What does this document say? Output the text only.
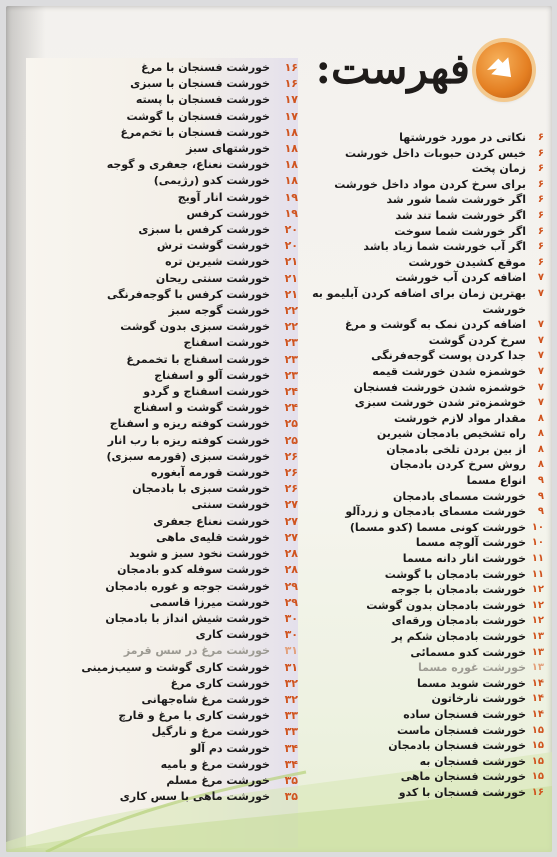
فهرست:
۱۶
خورشت فسنجان با مرغ
۱۶
خورشت فسنجان با سبزی
۱۷
خورشت فسنجان با پسته
۱۷
خورشت فسنجان با گوشت
۱۸
خورشت فسنجان با تخم‌مرغ
۱۸
خورشتهای سبز
۱۸
خورشت نعناع، جعفری و گوجه
۱۸
خورشت کدو (رژیمی)
۱۹
خورشت انار آویج
۱۹
خورشت کرفس
۲۰
خورشت کرفس با سبزی
۲۰
خورشت گوشت ترش
۲۱
خورشت شیرین تره
۲۱
خورشت سنتی ریحان
۲۱
خورشت کرفس با گوجه‌فرنگی
۲۲
خورشت گوجه سبز
۲۲
خورشت سبزی بدون گوشت
۲۳
خورشت اسفناج
۲۳
خورشت اسفناج با تخممرغ
۲۳
خورشت آلو و اسفناج
۲۴
خورشت اسفناج و گردو
۲۴
خورشت گوشت و اسفناج
۲۵
خورشت کوفته ریزه و اسفناج
۲۵
خورشت کوفته ریزه با رب انار
۲۶
خورشت سبزی (قورمه سبزی)
۲۶
خورشت قورمه آبغوره
۲۶
خورشت سبزی با بادمجان
۲۷
خورشت سنتی
۲۷
خورشت نعناع جعفری
۲۷
خورشت قلیه‌ی ماهی
۲۸
خورشت نخود سبز و شوید
۲۸
خورشت سوفله کدو بادمجان
۲۹
خورشت جوجه و غوره بادمجان
۲۹
خورشت میرزا قاسمی
۳۰
خورشت شیش انداز با بادمجان
۳۰
خورشت کاری
۳۱
خورشت مرغ در سس قرمز
۳۱
خورشت کاری گوشت و سیب‌زمینی
۳۲
خورشت کاری مرغ
۳۲
خورشت مرغ شاه‌جهانی
۳۳
خورشت کاری با مرغ و قارچ
۳۳
خورشت مرغ و نارگیل
۳۴
خورشت دم آلو
۳۴
خورشت مرغ و بامیه
۳۵
خورشت مرغ مسلم
۳۵
خورشت ماهی با سس کاری
۶
نکاتی در مورد خورشتها
۶
خیس کردن حبوبات داخل خورشت
۶
زمان پخت
۶
برای سرخ کردن مواد داخل خورشت
۶
اگر خورشت شما شور شد
۶
اگر خورشت شما تند شد
۶
اگر خورشت شما سوخت
۶
اگر آب خورشت شما زیاد باشد
۶
موقع کشیدن خورشت
۷
اضافه کردن آب خورشت
۷
بهترین زمان برای اضافه کردن آبلیمو به خورشت
۷
اضافه کردن نمک به گوشت و مرغ
۷
سرخ کردن گوشت
۷
جدا کردن پوست گوجه‌فرنگی
۷
خوشمزه شدن خورشت قیمه
۷
خوشمزه شدن خورشت فسنجان
۷
خوشمزه‌تر شدن خورشت سبزی
۸
مقدار مواد لازم خورشت
۸
راه تشخیص بادمجان شیرین
۸
از بین بردن تلخی بادمجان
۸
روش سرخ کردن بادمجان
۹
انواع مسما
۹
خورشت مسمای بادمجان
۹
خورشت مسمای بادمجان و زردآلو
۱۰
خورشت کونی مسما (کدو مسما)
۱۰
خورشت آلوچه مسما
۱۱
خورشت انار دانه مسما
۱۱
خورشت بادمجان با گوشت
۱۲
خورشت بادمجان با جوجه
۱۲
خورشت بادمجان بدون گوشت
۱۲
خورشت بادمجان ورقه‌ای
۱۳
خورشت بادمجان شکم پر
۱۳
خورشت کدو مسمائی
۱۳
خورشت غوره مسما
۱۴
خورشت شوید مسما
۱۴
خورشت نارخاتون
۱۴
خورشت فسنجان ساده
۱۵
خورشت فسنجان ماست
۱۵
خورشت فسنجان بادمجان
۱۵
خورشت فسنجان به
۱۵
خورشت فسنجان ماهی
۱۶
خورشت فسنجان با کدو
